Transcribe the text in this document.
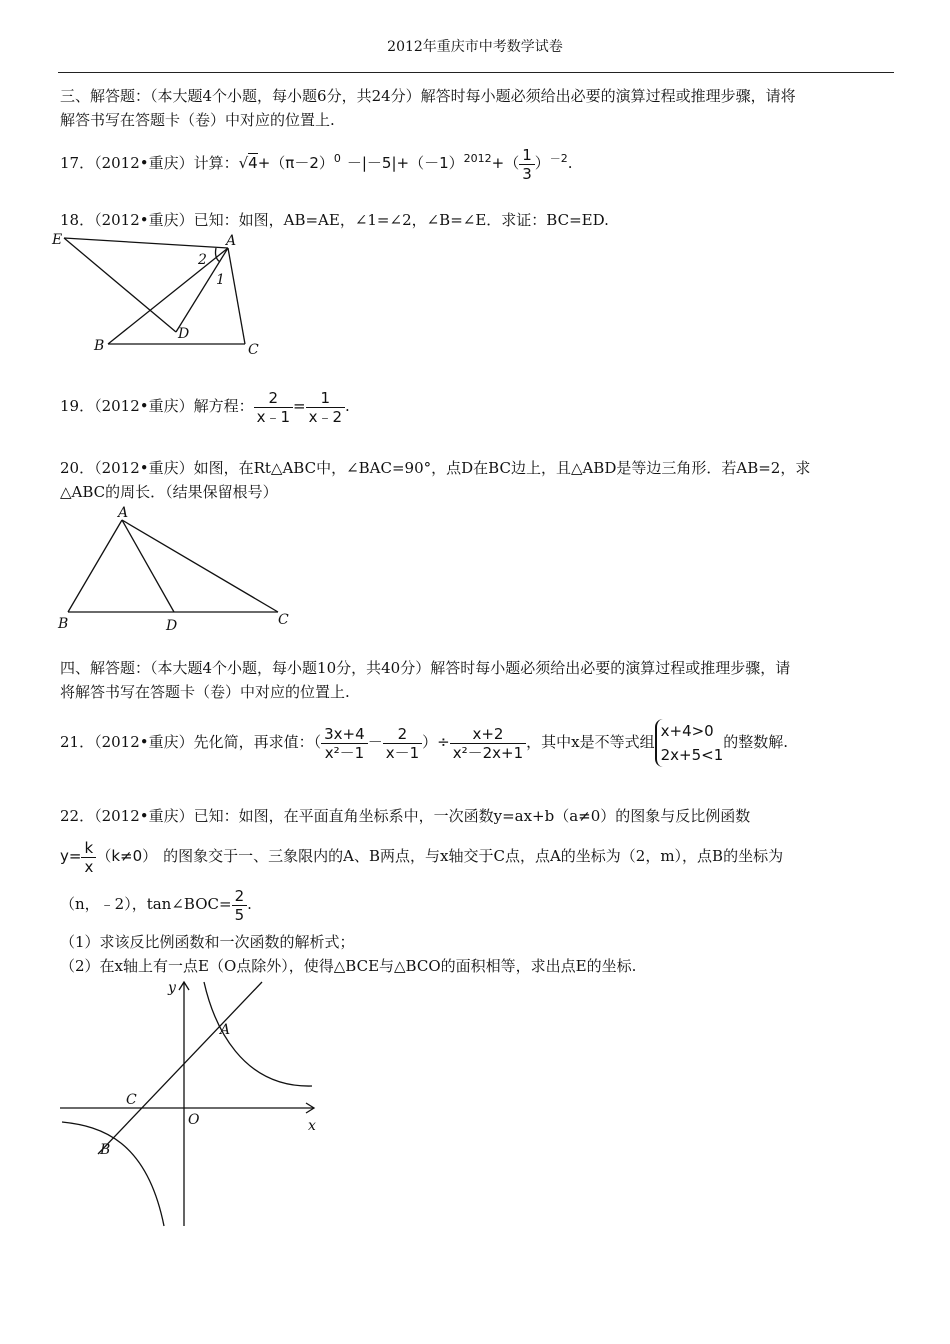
2012年重庆市中考数学试卷
三、解答题：（本大题4个小题，每小题6分，共24分）解答时每小题必须给出必要的演算过程或推理步骤，请将
解答书写在答题卡（卷）中对应的位置上.
17．（2012•重庆）计算：$√4+(\pi-2)^0 -|-5|+(-1)^{2012}+( \frac{1}{3} )^{-2}$.
18．（2012•重庆）已知：如图，AB=AE，∠1=∠2，∠B=∠E．求证：BC=ED.
E	A
2
1
D
B	C
19．（2012•重庆）解方程： $\frac{2}{x﹣1} = \frac{1}{x﹣2}$ .
20．（2012•重庆）如图，在Rt△ABC中，∠BAC=90°，点D在BC边上，且△ABD是等边三角形．若AB=2，求
△ABC的周长．（结果保留根号）
A
B	D	C
四、解答题：（本大题4个小题，每小题10分，共40分）解答时每小题必须给出必要的演算过程或推理步骤，请
将解答书写在答题卡（卷）中对应的位置上.
21．（2012•重庆）先化简，再求值：（ $\frac{3x+4}{\text{x²－1}} - \frac{2}{x-1}$ ）÷ $\frac{x+2}{\text{x²－2x+1}}$ ，其中x是不等式组
x+4>0
2x+5<1
的整数解.
22．（2012•重庆）已知：如图，在平面直角坐标系中，一次函数y=ax+b（a≠0）的图象与反比例函数
$y= \frac{k}{x} (k\ne 0)$ 的图象交于一、三象限内的A、B两点，与x轴交于C点，点A的坐标为（2，m），点B的坐标为
（n，﹣2），tan∠BOC= $\frac{2}{5}$ .
（1）求该反比例函数和一次函数的解析式；
（2）在x轴上有一点E（O点除外），使得△BCE与△BCO的面积相等，求出点E的坐标.
y
x
A
C
O
B
